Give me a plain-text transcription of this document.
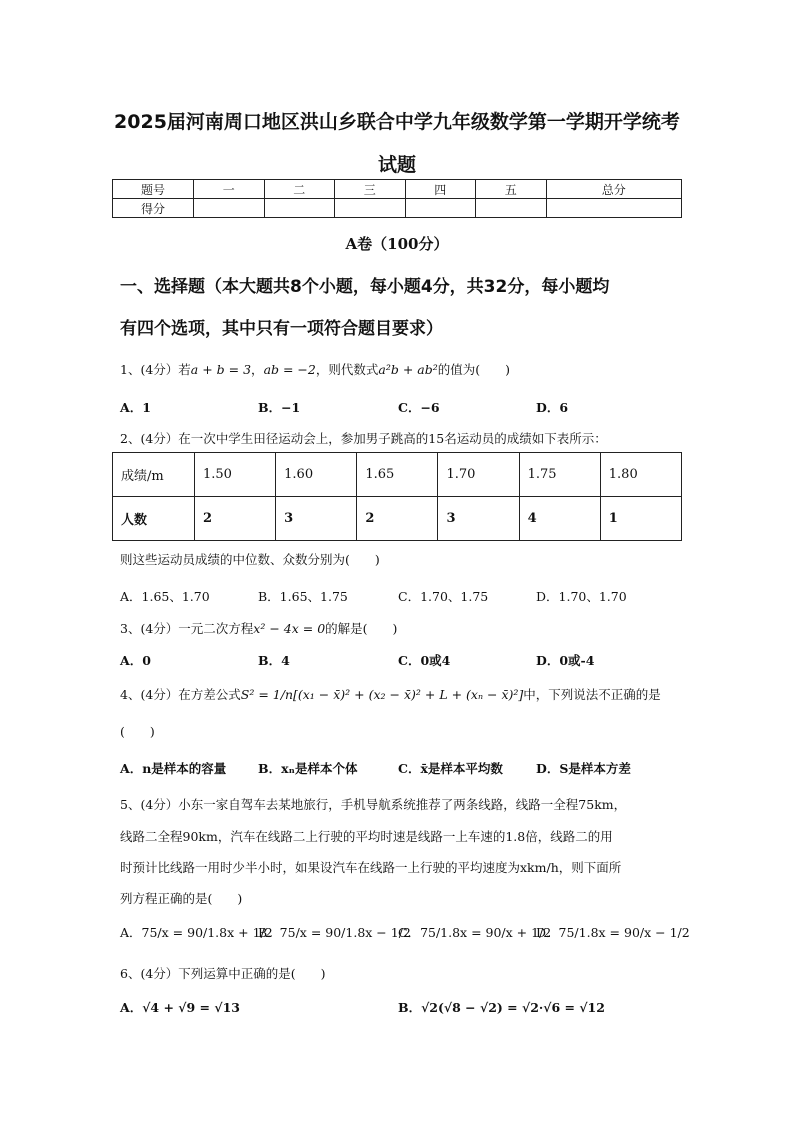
2025届河南周口地区洪山乡联合中学九年级数学第一学期开学统考
试题
题号	一	二	三	四	五	总分
得分						
A卷（100分）
一、选择题（本大题共8个小题，每小题4分，共32分，每小题均
有四个选项，其中只有一项符合题目要求）
1、(4分）若a + b = 3，ab = −2，则代数式a²b + ab²的值为(　　)
A．1	B．−1	C．−6	D．6
2、(4分）在一次中学生田径运动会上，参加男子跳高的15名运动员的成绩如下表所示：
成绩/m	1.50	1.60	1.65	1.70	1.75	1.80
人数	2	3	2	3	4	1
则这些运动员成绩的中位数、众数分别为(　　)
A．1.65、1.70	B．1.65、1.75	C．1.70、1.75	D．1.70、1.70
3、(4分）一元二次方程x² − 4x = 0的解是(　　)
A．0	B．4	C．0或4	D．0或-4
4、(4分）在方差公式S² = 1/n[(x₁ − x̄)² + (x₂ − x̄)² + L + (xₙ − x̄)²]中，下列说法不正确的是
(　　)
A．n是样本的容量	B．xₙ是样本个体	C．x̄是样本平均数	D．S是样本方差
5、(4分）小东一家自驾车去某地旅行，手机导航系统推荐了两条线路，线路一全程75km，
线路二全程90km，汽车在线路二上行驶的平均时速是线路一上车速的1.8倍，线路二的用
时预计比线路一用时少半小时，如果设汽车在线路一上行驶的平均速度为xkm/h，则下面所
列方程正确的是(　　)
A．75/x = 90/1.8x + 1/2
B．75/x = 90/1.8x − 1/2
C．75/1.8x = 90/x + 1/2
D．75/1.8x = 90/x − 1/2
6、(4分）下列运算中正确的是(　　)
A．√4 + √9 = √13	B．√2(√8 − √2) = √2·√6 = √12
